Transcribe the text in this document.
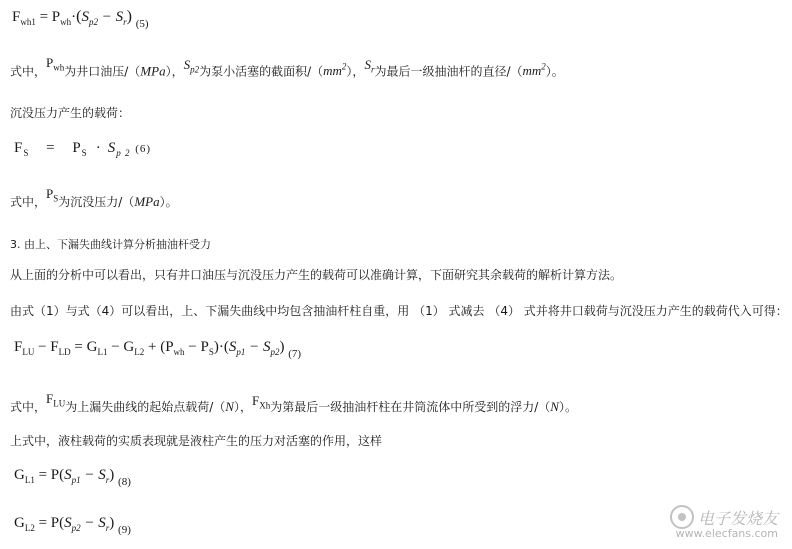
$F_{wh1} = P_{wh}\cdot(S_{p2} - S_r)$ $_{(5)}$
式中，$P_{wh}$为井口油压/（MPa），$S_{p2}$为泵小活塞的截面积$/(mm^2)$，$S_r$为最后一级抽油杆的直径$/(mm^2)$。
沉没压力产生的载荷：
$F_S = P_S \cdot S_{p 2}$ (6)
式中，$P_S$为沉没压力/（MPa）。
3. 由上、下漏失曲线计算分析抽油杆受力
从上面的分析中可以看出，只有井口油压与沉没压力产生的载荷可以准确计算，下面研究其余载荷的解析计算方法。
由式（1）与式（4）可以看出，上、下漏失曲线中均包含抽油杆柱自重，用 （1） 式减去 （4） 式并将井口载荷与沉没压力产生的载荷代入可得：
$F_{LU} - F_{LD} = G_{L1} - G_{L2} + (P_{wh} - P_S)\cdot(S_{p1} - S_{p2})$ $_{(7)}$
式中，$F_{LU}$为上漏失曲线的起始点载荷/（N），$F_{Xh}$为第最后一级抽油杆柱在井筒流体中所受到的浮力/（N）。
上式中，液柱载荷的实质表现就是液柱产生的压力对活塞的作用，这样
$G_{L1} = P(S_{p1} - S_r)$ $_{(8)}$
$G_{L2} = P(S_{p2} - S_r)$ $_{(9)}$
电子发烧友
www.elecfans.com
